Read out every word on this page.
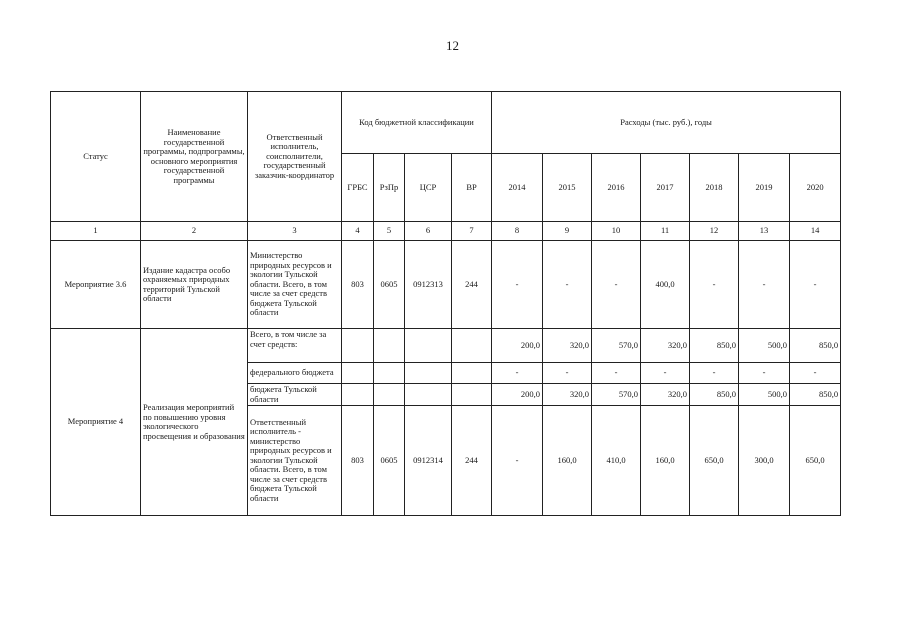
12
Статус	Наименование государственной программы, подпрограммы, основного мероприятия государственной программы	Ответственный исполнитель, соисполнители, государственный заказчик-координатор	Код бюджетной классификации				Расходы (тыс. руб.), годы						
			ГРБС	РзПр	ЦСР	ВР	2014	2015	2016	2017	2018	2019	2020
1	2	3	4	5	6	7	8	9	10	11	12	13	14
Мероприятие 3.6	Издание кадастра особо охраняемых природных территорий Тульской области	Министерство природных ресурсов и экологии Тульской области. Всего, в том числе за счет средств бюджета Тульской области	803	0605	0912313	244	-	-	-	400,0	-	-	-
Мероприятие 4	Реализация мероприятий по повышению уровня экологического просвещения и образования	Всего, в том числе за счет средств:					200,0	320,0	570,0	320,0	850,0	500,0	850,0
		федерального бюджета					-	-	-	-	-	-	-
		бюджета Тульской области					200,0	320,0	570,0	320,0	850,0	500,0	850,0
		Ответственный исполнитель - министерство природных ресурсов и экологии Тульской области. Всего, в том числе за счет средств бюджета Тульской области	803	0605	0912314	244	-	160,0	410,0	160,0	650,0	300,0	650,0
